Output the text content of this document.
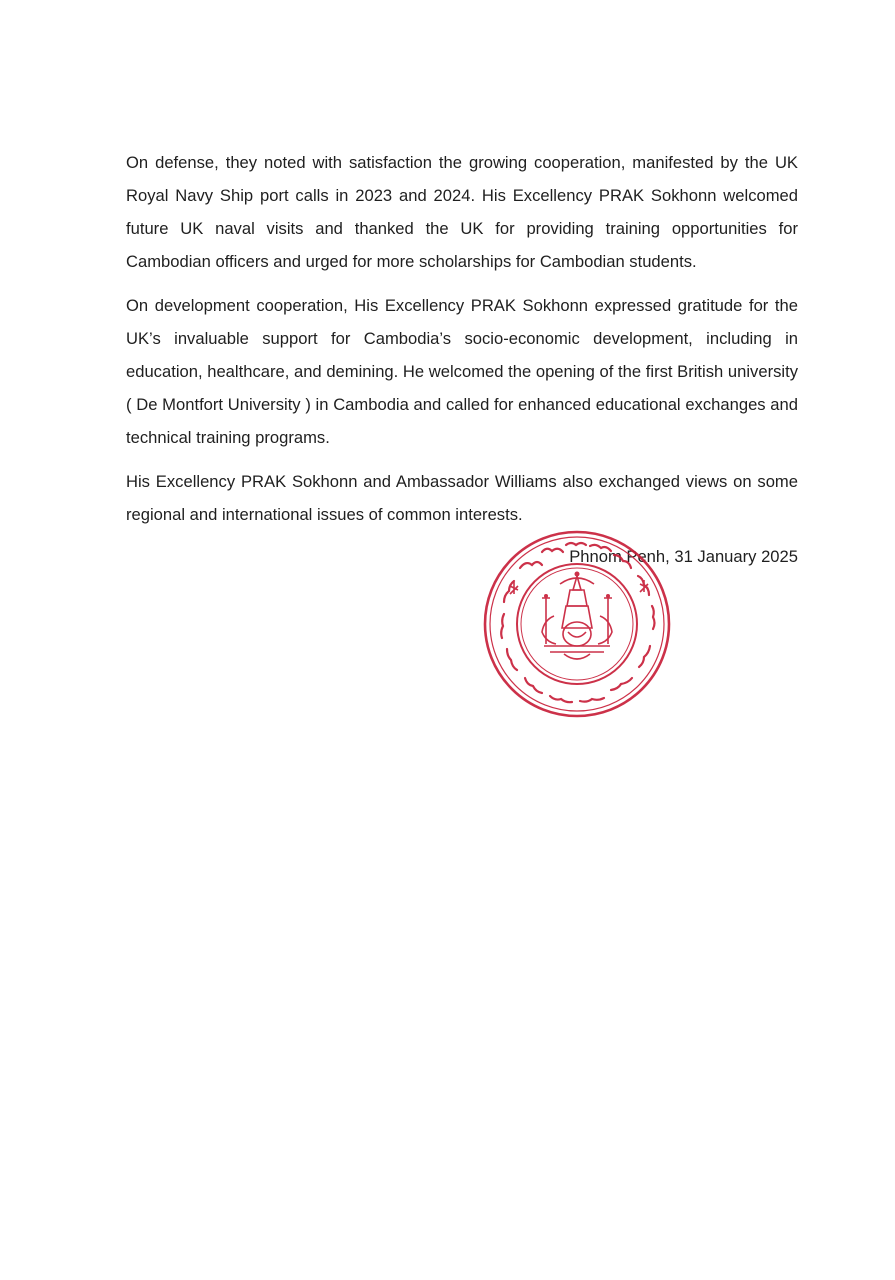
On defense, they noted with satisfaction the growing cooperation, manifested by the UK Royal Navy Ship port calls in 2023 and 2024. His Excellency PRAK Sokhonn welcomed future UK naval visits and thanked the UK for providing training opportunities for Cambodian officers and urged for more scholarships for Cambodian students.

On development cooperation, His Excellency PRAK Sokhonn expressed gratitude for the UK’s invaluable support for Cambodia’s socio-economic development, including in education, healthcare, and demining. He welcomed the opening of the first British university ( De Montfort University ) in Cambodia and called for enhanced educational exchanges and technical training programs.

His Excellency PRAK Sokhonn and Ambassador Williams also exchanged views on some regional and international issues of common interests.

Phnom Penh, 31 January 2025
